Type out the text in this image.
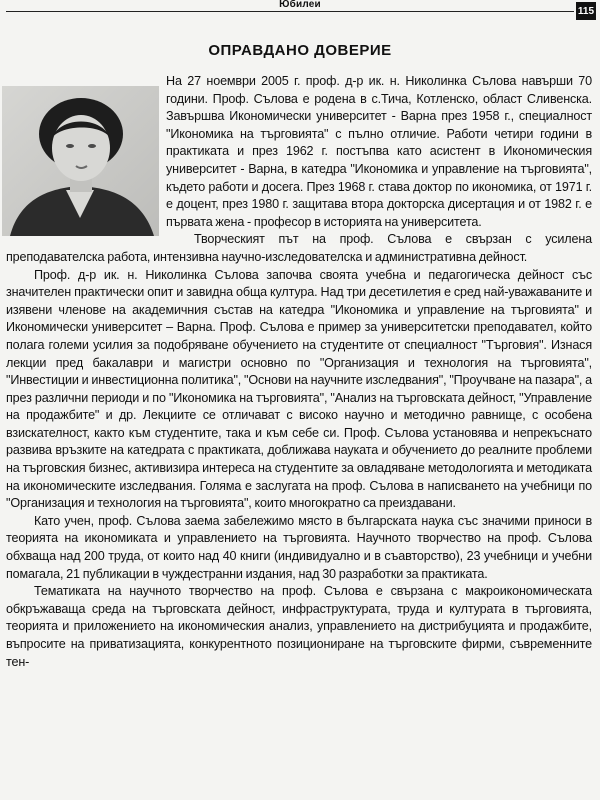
Юбилеи
115
ОПРАВДАНО ДОВЕРИЕ

На 27 ноември 2005 г. проф. д-р ик. н. Николинка Сълова навърши 70 години. Проф. Сълова е родена в с.Тича, Котленско, област Сливенска. Завършва Икономически университет - Варна през 1958 г., специалност "Икономика на търговията" с пълно отличие. Работи четири години в практиката и през 1962 г. постъпва като асистент в Икономическия университет - Варна, в катедра "Икономика и управление на търговията", където работи и досега. През 1968 г. става доктор по икономика, от 1971 г. е доцент, през 1980 г. защитава втора докторска дисертация и от 1982 г. е първата жена - професор в историята на университета.

Творческият път на проф. Сълова е свързан с усилена преподавателска работа, интензивна научно-изследователска и административна дейност.

Проф. д-р ик. н. Николинка Сълова започва своята учебна и педагогическа дейност със значителен практически опит и завидна обща култура. Над три десетилетия е сред най-уважаваните и изявени членове на академичния състав на катедра "Икономика и управление на търговията" и Икономически университет – Варна. Проф. Сълова е пример за университетски преподавател, който полага големи усилия за подобряване обучението на студентите от специалност "Търговия". Изнася лекции пред бакалаври и магистри основно по "Организация и технология на търговията", "Инвестиции и инвестиционна политика", "Основи на научните изследвания", "Проучване на пазара", а през различни периоди и по "Икономика на търговията", "Анализ на търговската дейност, "Управление на продажбите" и др. Лекциите се отличават с високо научно и методично равнище, с особена взискателност, както към студентите, така и към себе си. Проф. Сълова установява и непрекъснато развива връзките на катедрата с практиката, доближава науката и обучението до реалните проблеми на търговския бизнес, активизира интереса на студентите за овладяване методологията и методиката на икономическите изследвания. Голяма е заслугата на проф. Сълова в написването на учебници по "Организация и технология на търговията", които многократно са преиздавани.

Като учен, проф. Сълова заема забележимо място в българската наука със значими приноси в теорията на икономиката и управлението на търговията. Научното творчество на проф. Сълова обхваща над 200 труда, от които над 40 книги (индивидуално и в съавторство), 23 учебници и учебни помагала, 21 публикации в чуждестранни издания, над 30 разработки за практиката.

Тематиката на научното творчество на проф. Сълова е свързана с макроикономическата обкръжаваща среда на търговската дейност, инфраструктурата, труда и културата в търговията, теорията и приложението на икономическия анализ, управлението на дистрибуцията и продажбите, въпросите на приватизацията, конкурентното позициониране на търговските фирми, съвременните тен-
